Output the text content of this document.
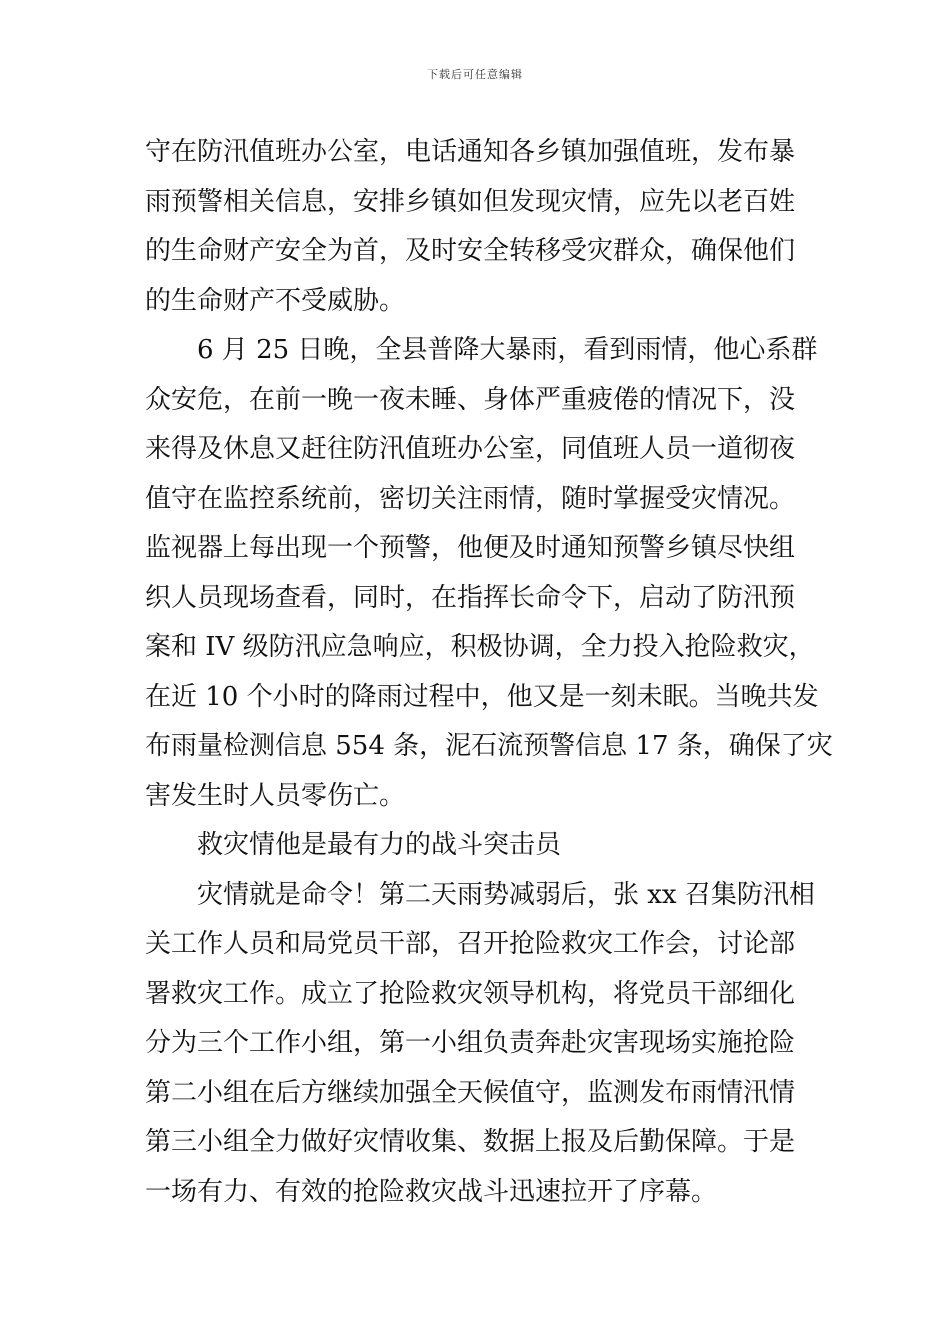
下载后可任意编辑
守在防汛值班办公室，电话通知各乡镇加强值班，发布暴
雨预警相关信息，安排乡镇如但发现灾情，应先以老百姓
的生命财产安全为首，及时安全转移受灾群众，确保他们
的生命财产不受威胁。
6 月 25 日晚，全县普降大暴雨，看到雨情，他心系群
众安危，在前一晚一夜未睡、身体严重疲倦的情况下，没
来得及休息又赶往防汛值班办公室，同值班人员一道彻夜
值守在监控系统前，密切关注雨情，随时掌握受灾情况。
监视器上每出现一个预警，他便及时通知预警乡镇尽快组
织人员现场查看，同时，在指挥长命令下，启动了防汛预
案和 IV 级防汛应急响应，积极协调，全力投入抢险救灾，
在近 10 个小时的降雨过程中，他又是一刻未眠。当晚共发
布雨量检测信息 554 条，泥石流预警信息 17 条，确保了灾
害发生时人员零伤亡。
救灾情他是最有力的战斗突击员
灾情就是命令！第二天雨势减弱后，张 xx 召集防汛相
关工作人员和局党员干部，召开抢险救灾工作会，讨论部
署救灾工作。成立了抢险救灾领导机构，将党员干部细化
分为三个工作小组，第一小组负责奔赴灾害现场实施抢险
第二小组在后方继续加强全天候值守，监测发布雨情汛情
第三小组全力做好灾情收集、数据上报及后勤保障。于是
一场有力、有效的抢险救灾战斗迅速拉开了序幕。
